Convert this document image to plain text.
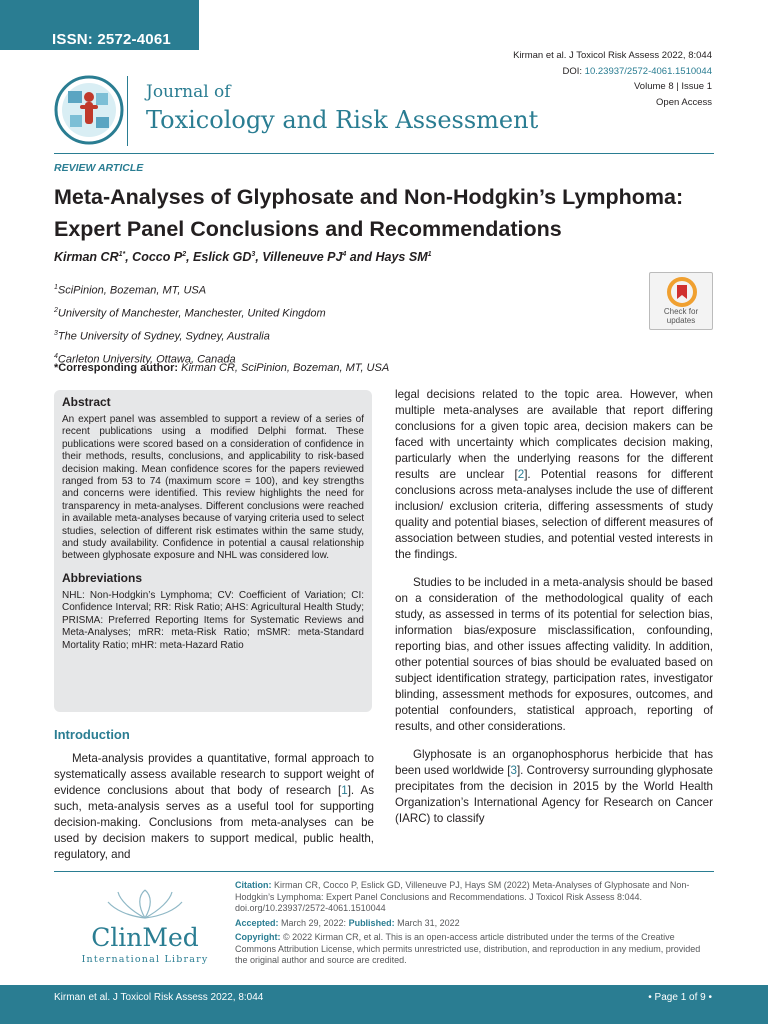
ISSN: 2572-4061
Kirman et al. J Toxicol Risk Assess 2022, 8:044
DOI: 10.23937/2572-4061.1510044
Volume 8 | Issue 1
Open Access
Journal of
Toxicology and Risk Assessment
REVIEW ARTICLE
Meta-Analyses of Glyphosate and Non-Hodgkin’s Lymphoma:
Expert Panel Conclusions and Recommendations
Kirman $CR^{1*}$, Cocco $P^2$, Eslick $GD^3$, Villeneuve $PJ^4$ and Hays $SM^1$
$^1$SciPinion, Bozeman, MT, USA
$^2$University of Manchester, Manchester, United Kingdom
$^3$The University of Sydney, Sydney, Australia
$^4$Carleton University, Ottawa, Canada
Check for updates
*Corresponding author: Kirman CR, SciPinion, Bozeman, MT, USA
Abstract
An expert panel was assembled to support a review of a series of recent publications using a modified Delphi format. These publications were scored based on a consideration of confidence in their methods, results, conclusions, and applicability to risk-based decision making. Mean confidence scores for the papers reviewed ranged from 53 to 74 (maximum score = 100), and key strengths and concerns were identified. This review highlights the need for transparency in meta-analyses. Different conclusions were reached in available meta-analyses because of varying criteria used to select studies, selection of different risk estimates within the same study, and study availability. Confidence in potential a causal relationship between glyphosate exposure and NHL was considered low.
Abbreviations
NHL: Non-Hodgkin’s Lymphoma; CV: Coefficient of Variation; CI: Confidence Interval; RR: Risk Ratio; AHS: Agricultural Health Study; PRISMA: Preferred Reporting Items for Systematic Reviews and Meta-Analyses; mRR: meta-Risk Ratio; mSMR: meta-Standard Mortality Ratio; mHR: meta-Hazard Ratio
Introduction

Meta-analysis provides a quantitative, formal approach to systematically assess available research to support weight of evidence conclusions about that body of research [1]. As such, meta-analysis serves as a useful tool for supporting decision-making. Conclusions from meta-analyses can be used by decision makers to support medical, public health, regulatory, and

legal decisions related to the topic area. However, when multiple meta-analyses are available that report differing conclusions for a given topic area, decision makers can be faced with uncertainty which complicates decision making, particularly when the underlying reasons for the different results are unclear [2]. Potential reasons for different conclusions across meta-analyses include the use of different inclusion/ exclusion criteria, differing assessments of study quality and potential biases, selection of different measures of association between studies, and potential vested interests in the findings.

Studies to be included in a meta-analysis should be based on a consideration of the methodological quality of each study, as assessed in terms of its potential for selection bias, information bias/exposure misclassification, confounding, reporting bias, and other issues affecting validity. In addition, other potential sources of bias should be evaluated based on subject identification strategy, participation rates, investigator blinding, assessment methods for exposures, outcomes, and potential confounders, statistical approach, reporting of results, and other considerations.

Glyphosate is an organophosphorus herbicide that has been used worldwide [3]. Controversy surrounding glyphosate precipitates from the decision in 2015 by the World Health Organization’s International Agency for Research on Cancer (IARC) to classify

ClinMed
International Library
Citation: Kirman CR, Cocco P, Eslick GD, Villeneuve PJ, Hays SM (2022) Meta-Analyses of Glyphosate and Non-Hodgkin’s Lymphoma: Expert Panel Conclusions and Recommendations. J Toxicol Risk Assess 8:044. doi.org/10.23937/2572-4061.1510044
Accepted: March 29, 2022: Published: March 31, 2022
Copyright: © 2022 Kirman CR, et al. This is an open-access article distributed under the terms of the Creative Commons Attribution License, which permits unrestricted use, distribution, and reproduction in any medium, provided the original author and source are credited.
Kirman et al. J Toxicol Risk Assess 2022, 8:044	• Page 1 of 9 •
